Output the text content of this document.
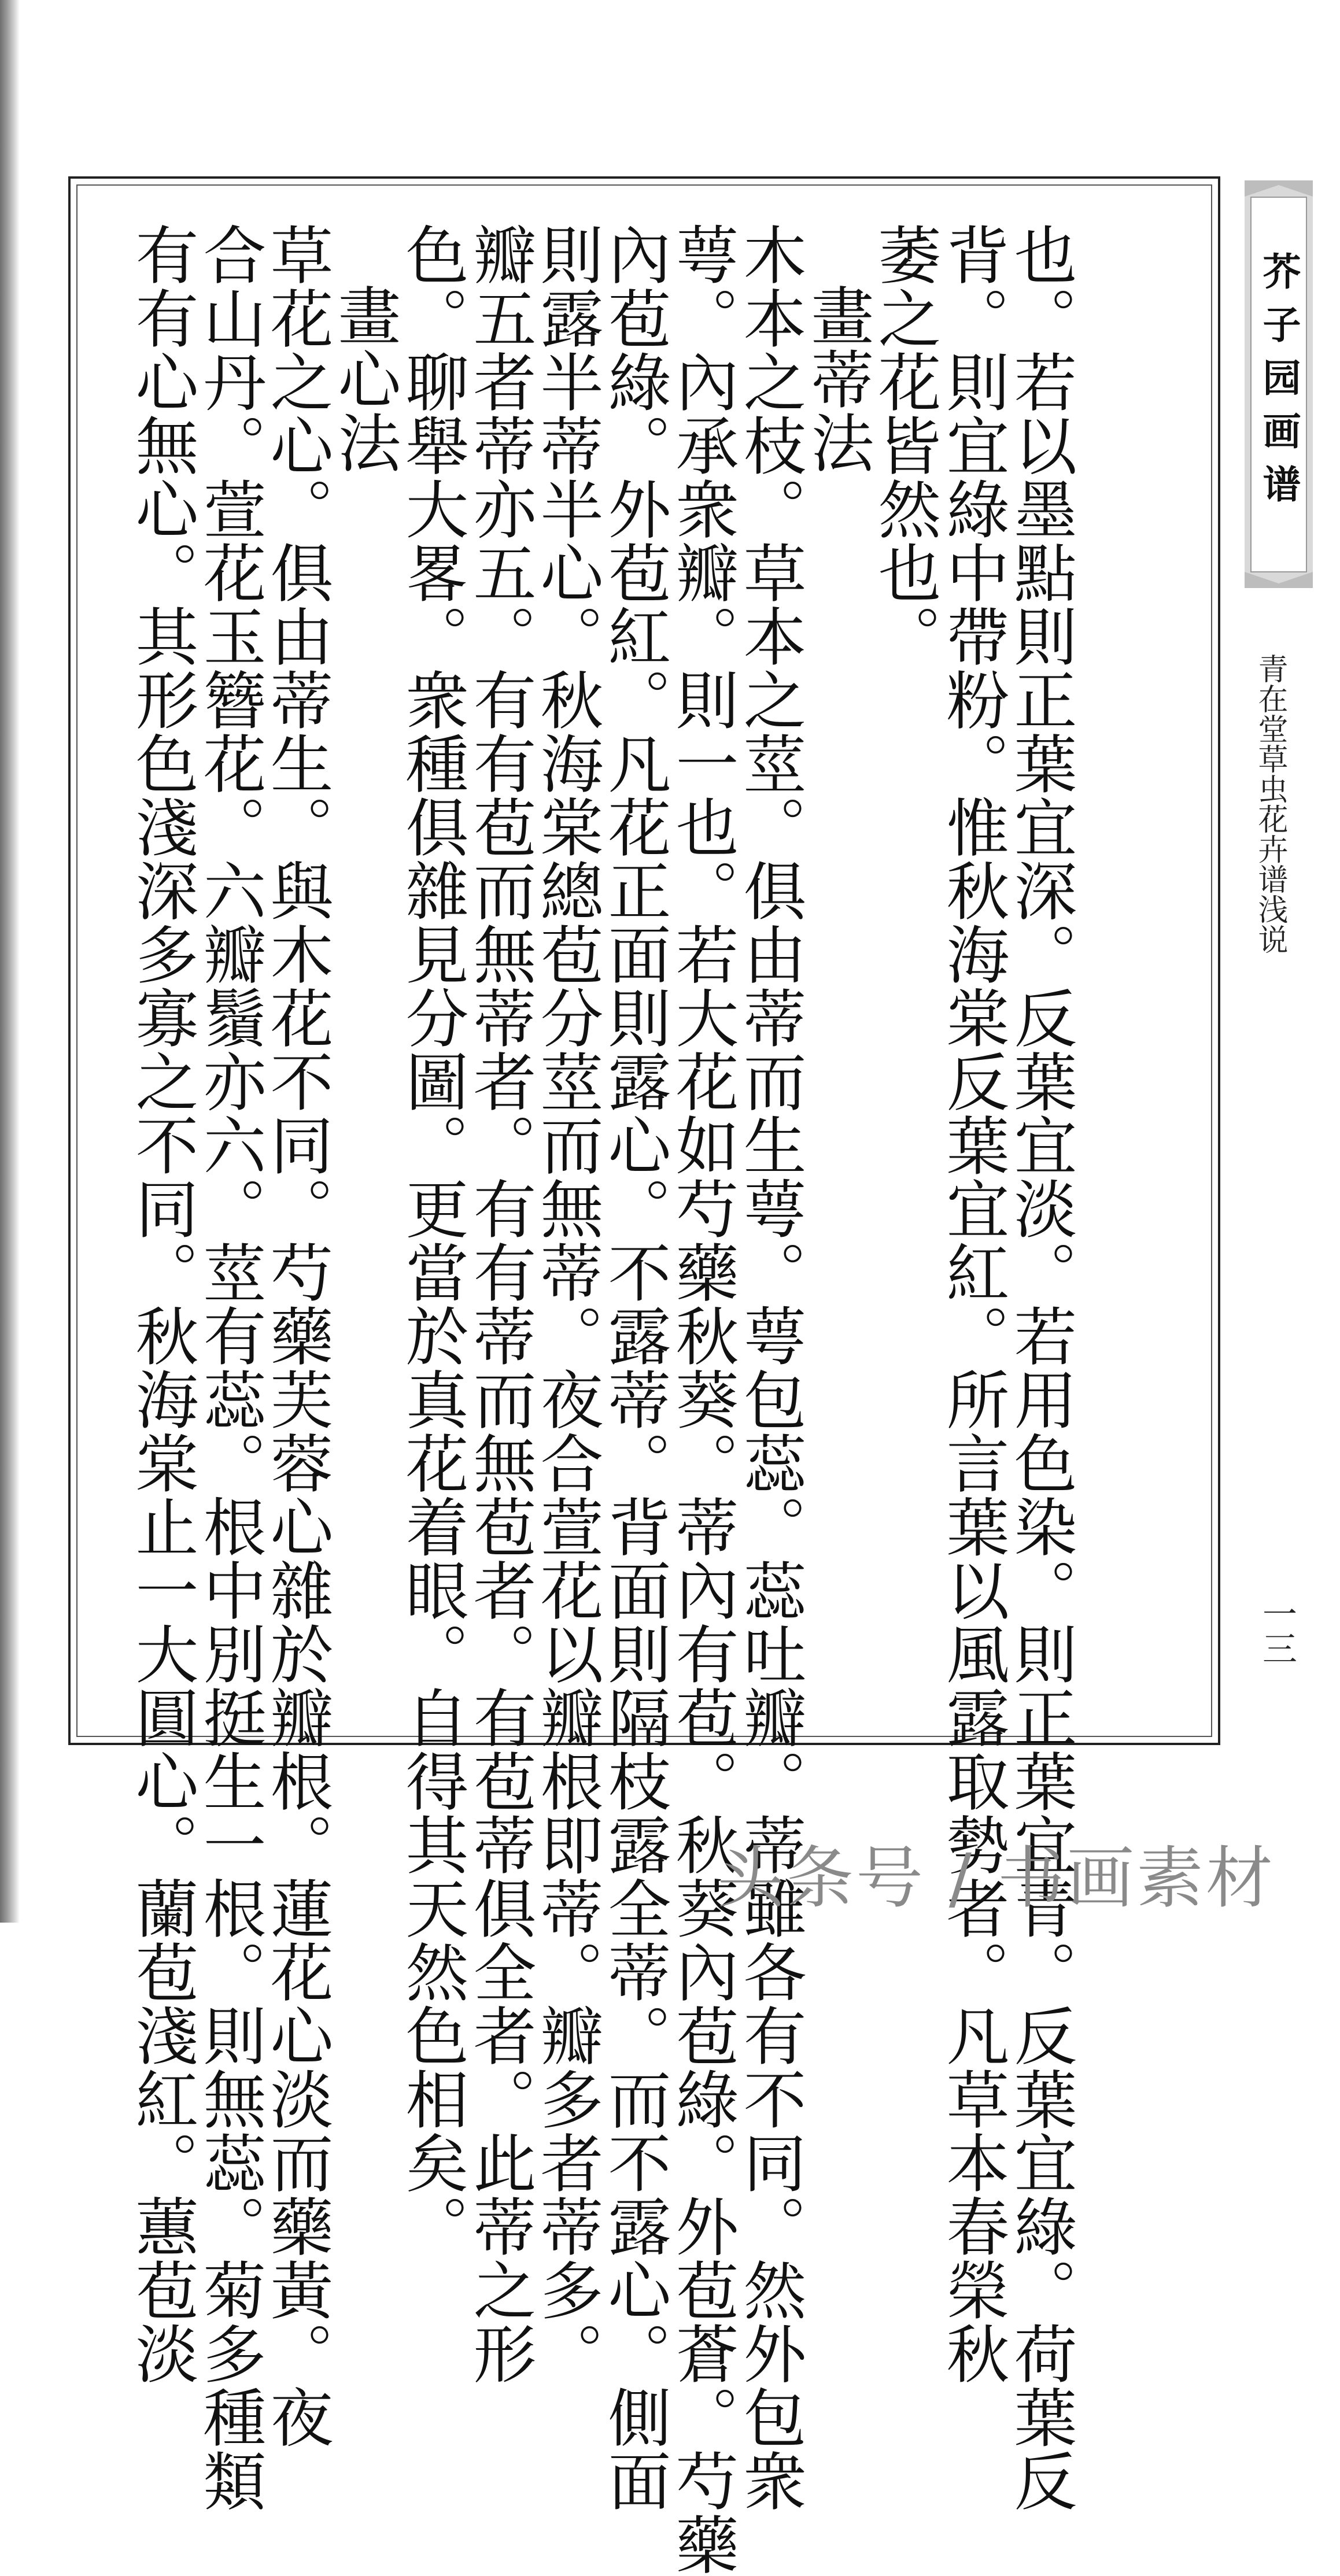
也。若以墨點則正葉宜深。反葉宜淡。若用色染。則正葉宜青。反葉宜綠。荷葉反
背。則宜綠中帶粉。惟秋海棠反葉宜紅。所言葉以風露取勢者。凡草本春榮秋
萎之花皆然也。
畫蒂法
木本之枝。草本之莖。俱由蒂而生萼。萼包蕊。蕊吐瓣。蒂雖各有不同。然外包衆
萼。內承衆瓣。則一也。若大花如芍藥秋葵。蒂內有苞。秋葵內苞綠。外苞蒼。芍藥
內苞綠。外苞紅。凡花正面則露心。不露蒂。背面則隔枝露全蒂。而不露心。側面
則露半蒂半心。秋海棠總苞分莖而無蒂。夜合萱花以瓣根即蒂。瓣多者蒂多。
瓣五者蒂亦五。有有苞而無蒂者。有有蒂而無苞者。有苞蒂俱全者。此蒂之形
色。聊舉大畧。衆種俱雜見分圖。更當於真花着眼。自得其天然色相矣。
畫心法
草花之心。俱由蒂生。與木花不同。芍藥芙蓉心雜於瓣根。蓮花心淡而藥黃。夜
合山丹。萱花玉簪花。六瓣鬚亦六。莖有蕊。根中別挺生一根。則無蕊。菊多種類
有有心無心。其形色淺深多寡之不同。秋海棠止一大圓心。蘭苞淺紅。蕙苞淡	芥子园画谱
青在堂草虫花卉谱浅说
一三
头条号 / 书画素材
